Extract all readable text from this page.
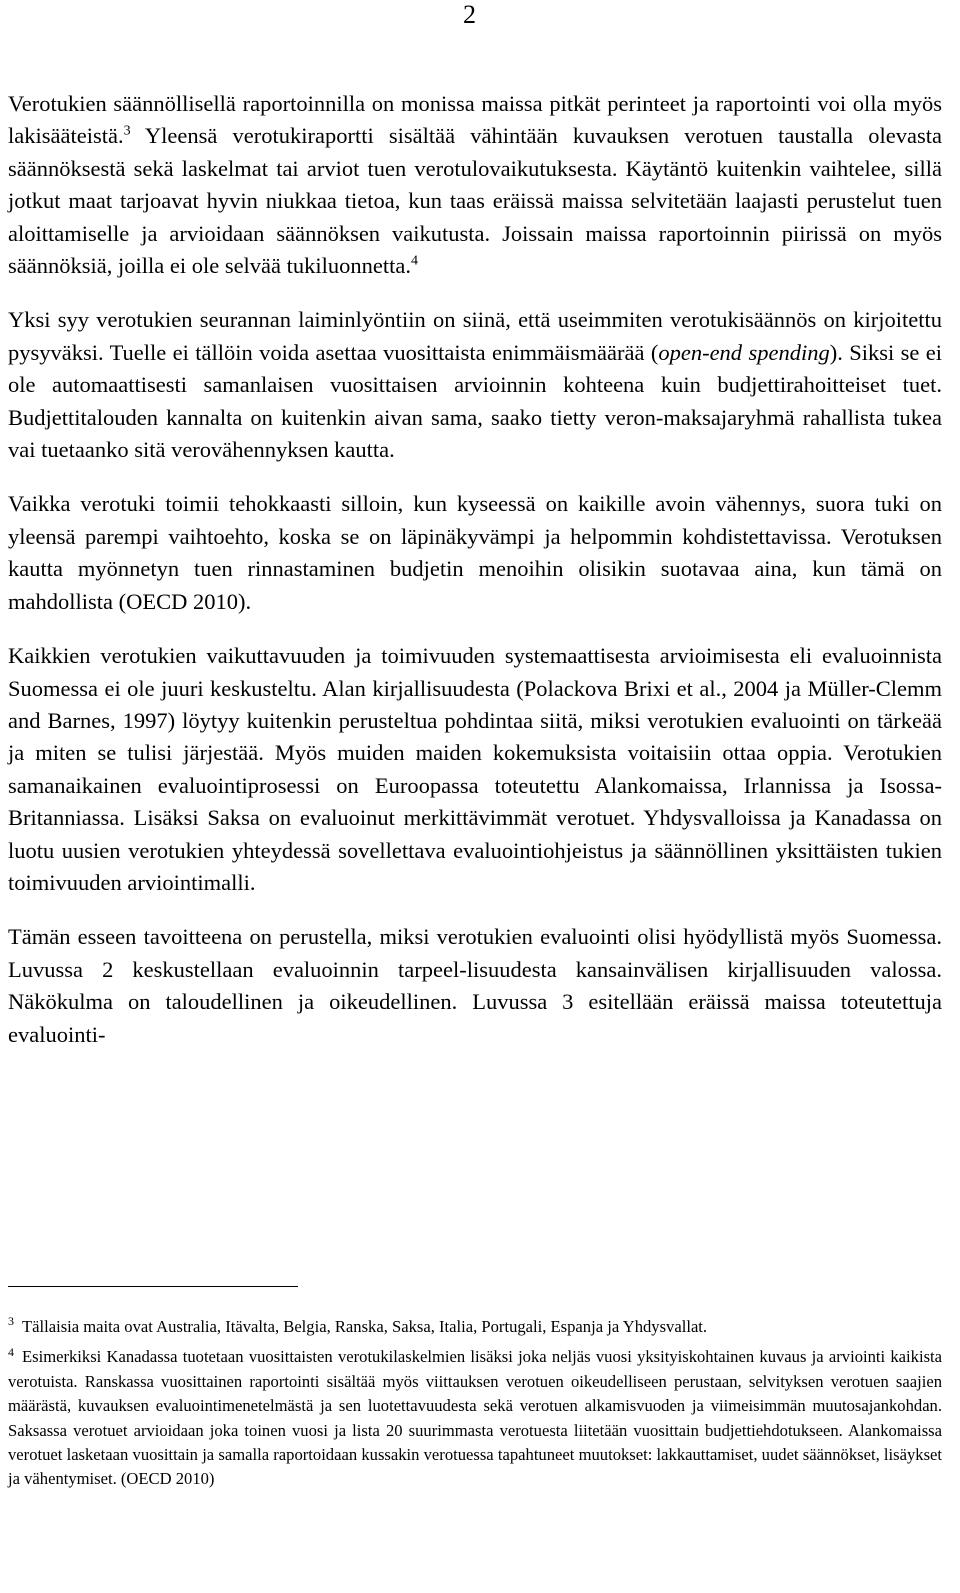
2

Verotukien säännöllisellä raportoinnilla on monissa maissa pitkät perinteet ja raportointi voi olla myös lakisääteistä.$^3$ Yleensä verotukiraportti sisältää vähintään kuvauksen verotuen taustalla olevasta säännöksestä sekä laskelmat tai arviot tuen verotulovaikutuksesta. Käytäntö kuitenkin vaihtelee, sillä jotkut maat tarjoavat hyvin niukkaa tietoa, kun taas eräissä maissa selvitetään laajasti perustelut tuen aloittamiselle ja arvioidaan säännöksen vaikutusta. Joissain maissa raportoinnin piirissä on myös säännöksiä, joilla ei ole selvää tukiluonnetta.$^4$

Yksi syy verotukien seurannan laiminlyöntiin on siinä, että useimmiten verotukisäännös on kirjoitettu pysyväksi. Tuelle ei tällöin voida asettaa vuosittaista enimmäismäärää (open-end spending). Siksi se ei ole automaattisesti samanlaisen vuosittaisen arvioinnin kohteena kuin budjettirahoitteiset tuet. Budjettitalouden kannalta on kuitenkin aivan sama, saako tietty veron-maksajaryhmä rahallista tukea vai tuetaanko sitä verovähennyksen kautta.

Vaikka verotuki toimii tehokkaasti silloin, kun kyseessä on kaikille avoin vähennys, suora tuki on yleensä parempi vaihtoehto, koska se on läpinäkyvämpi ja helpommin kohdistettavissa. Verotuksen kautta myönnetyn tuen rinnastaminen budjetin menoihin olisikin suotavaa aina, kun tämä on mahdollista (OECD 2010).

Kaikkien verotukien vaikuttavuuden ja toimivuuden systemaattisesta arvioimisesta eli evaluoinnista Suomessa ei ole juuri keskusteltu. Alan kirjallisuudesta (Polackova Brixi et al., 2004 ja Müller-Clemm and Barnes, 1997) löytyy kuitenkin perusteltua pohdintaa siitä, miksi verotukien evaluointi on tärkeää ja miten se tulisi järjestää. Myös muiden maiden kokemuksista voitaisiin ottaa oppia. Verotukien samanaikainen evaluointiprosessi on Euroopassa toteutettu Alankomaissa, Irlannissa ja Isossa-Britanniassa. Lisäksi Saksa on evaluoinut merkittävimmät verotuet. Yhdysvalloissa ja Kanadassa on luotu uusien verotukien yhteydessä sovellettava evaluointiohjeistus ja säännöllinen yksittäisten tukien toimivuuden arviointimalli.

Tämän esseen tavoitteena on perustella, miksi verotukien evaluointi olisi hyödyllistä myös Suomessa. Luvussa 2 keskustellaan evaluoinnin tarpeel-lisuudesta kansainvälisen kirjallisuuden valossa. Näkökulma on taloudellinen ja oikeudellinen. Luvussa 3 esitellään eräissä maissa toteutettuja evaluointi-

$^3$ Tällaisia maita ovat Australia, Itävalta, Belgia, Ranska, Saksa, Italia, Portugali, Espanja ja Yhdysvallat.

$^4$ Esimerkiksi Kanadassa tuotetaan vuosittaisten verotukilaskelmien lisäksi joka neljäs vuosi yksityiskohtainen kuvaus ja arviointi kaikista verotuista. Ranskassa vuosittainen raportointi sisältää myös viittauksen verotuen oikeudelliseen perustaan, selvityksen verotuen saajien määrästä, kuvauksen evaluointimenetelmästä ja sen luotettavuudesta sekä verotuen alkamisvuoden ja viimeisimmän muutosajankohdan. Saksassa verotuet arvioidaan joka toinen vuosi ja lista 20 suurimmasta verotuesta liitetään vuosittain budjettiehdotukseen. Alankomaissa verotuet lasketaan vuosittain ja samalla raportoidaan kussakin verotuessa tapahtuneet muutokset: lakkauttamiset, uudet säännökset, lisäykset ja vähentymiset. (OECD 2010)
